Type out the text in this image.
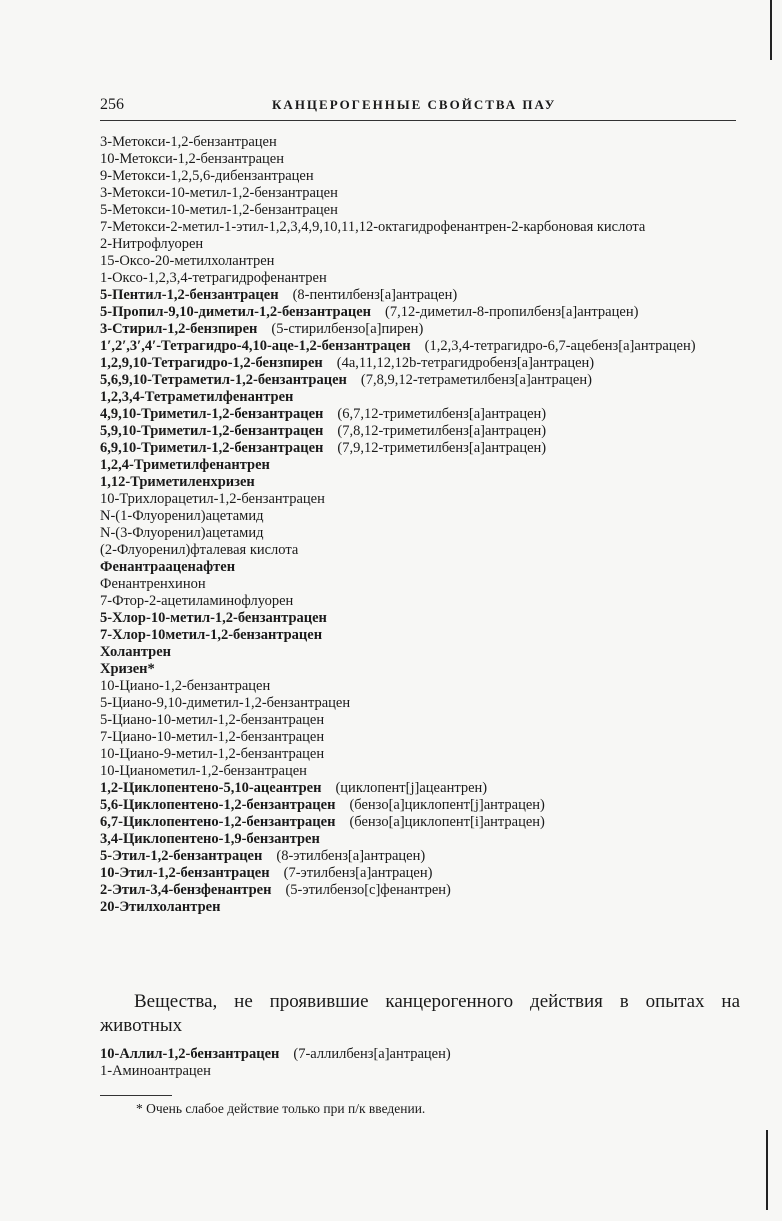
256	КАНЦЕРОГЕННЫЕ СВОЙСТВА ПАУ
3-Метокси-1,2-бензантрацен
10-Метокси-1,2-бензантрацен
9-Метокси-1,2,5,6-дибензантрацен
3-Метокси-10-метил-1,2-бензантрацен
5-Метокси-10-метил-1,2-бензантрацен
7-Метокси-2-метил-1-этил-1,2,3,4,9,10,11,12-октагидрофенантрен-2-карбоновая кислота
2-Нитрофлуорен
15-Оксо-20-метилхолантрен
1-Оксо-1,2,3,4-тетрагидрофенантрен
5-Пентил-1,2-бензантрацен (8-пентилбенз[а]антрацен)
5-Пропил-9,10-диметил-1,2-бензантрацен (7,12-диметил-8-пропилбенз[а]антрацен)
3-Стирил-1,2-бензпирен (5-стирилбензо[а]пирен)
1′,2′,3′,4′-Тетрагидро-4,10-аце-1,2-бензантрацен (1,2,3,4-тетрагидро-6,7-ацебенз[а]антрацен)
1,2,9,10-Тетрагидро-1,2-бензпирен (4а,11,12,12b-тетрагидробенз[а]антрацен)
5,6,9,10-Тетраметил-1,2-бензантрацен (7,8,9,12-тетраметилбенз[а]антрацен)
1,2,3,4-Тетраметилфенантрен
4,9,10-Триметил-1,2-бензантрацен (6,7,12-триметилбенз[а]антрацен)
5,9,10-Триметил-1,2-бензантрацен (7,8,12-триметилбенз[а]антрацен)
6,9,10-Триметил-1,2-бензантрацен (7,9,12-триметилбенз[а]антрацен)
1,2,4-Триметилфенантрен
1,12-Триметиленхризен
10-Трихлорацетил-1,2-бензантрацен
N-(1-Флуоренил)ацетамид
N-(3-Флуоренил)ацетамид
(2-Флуоренил)фталевая кислота
Фенантрааценафтен
Фенантренхинон
7-Фтор-2-ацетиламинофлуорен
5-Хлор-10-метил-1,2-бензантрацен
7-Хлор-10метил-1,2-бензантрацен
Холантрен
Хризен*
10-Циано-1,2-бензантрацен
5-Циано-9,10-диметил-1,2-бензантрацен
5-Циано-10-метил-1,2-бензантрацен
7-Циано-10-метил-1,2-бензантрацен
10-Циано-9-метил-1,2-бензантрацен
10-Цианометил-1,2-бензантрацен
1,2-Циклопентено-5,10-ацеантрен (циклопент[j]ацеантрен)
5,6-Циклопентено-1,2-бензантрацен (бензо[а]циклопент[j]антрацен)
6,7-Циклопентено-1,2-бензантрацен (бензо[а]циклопент[i]антрацен)
3,4-Циклопентено-1,9-бензантрен
5-Этил-1,2-бензантрацен (8-этилбенз[а]антрацен)
10-Этил-1,2-бензантрацен (7-этилбенз[а]антрацен)
2-Этил-3,4-бензфенантрен (5-этилбензо[с]фенантрен)
20-Этилхолантрен
Вещества, не проявившие канцерогенного действия в опытах на животных
10-Аллил-1,2-бензантрацен (7-аллилбенз[а]антрацен)
1-Аминоантрацен
* Очень слабое действие только при п/к введении.
